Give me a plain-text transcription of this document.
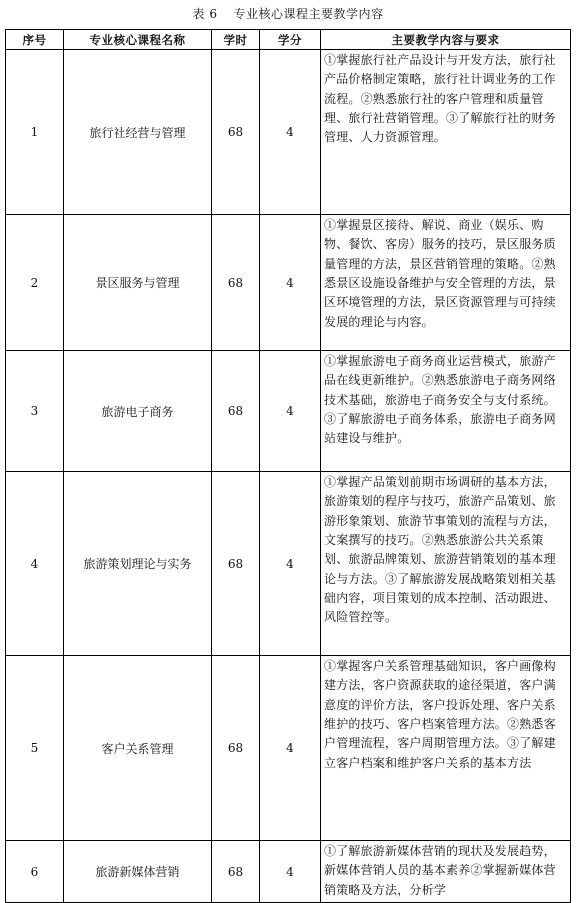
表 6 专业核心课程主要教学内容
序号	专业核心课程名称	学时	学分	主要教学内容与要求
1	旅行社经营与管理	68	4	①掌握旅行社产品设计与开发方法，旅行社产品价格制定策略，旅行社计调业务的工作流程。②熟悉旅行社的客户管理和质量管理、旅行社营销管理。③了解旅行社的财务管理、人力资源管理。
2	景区服务与管理	68	4	①掌握景区接待、解说、商业（娱乐、购物、餐饮、客房）服务的技巧，景区服务质量管理的方法，景区营销管理的策略。②熟悉景区设施设备维护与安全管理的方法，景区环境管理的方法，景区资源管理与可持续发展的理论与内容。
3	旅游电子商务	68	4	①掌握旅游电子商务商业运营模式，旅游产品在线更新维护。②熟悉旅游电子商务网络技术基础，旅游电子商务安全与支付系统。③了解旅游电子商务体系，旅游电子商务网站建设与维护。
4	旅游策划理论与实务	68	4	①掌握产品策划前期市场调研的基本方法，旅游策划的程序与技巧，旅游产品策划、旅游形象策划、旅游节事策划的流程与方法，文案撰写的技巧。②熟悉旅游公共关系策划、旅游品牌策划、旅游营销策划的基本理论与方法。③了解旅游发展战略策划相关基础内容，项目策划的成本控制、活动跟进、风险管控等。
5	客户关系管理	68	4	①掌握客户关系管理基础知识，客户画像构建方法，客户资源获取的途径渠道，客户满意度的评价方法，客户投诉处理、客户关系维护的技巧、客户档案管理方法。②熟悉客户管理流程，客户周期管理方法。③了解建立客户档案和维护客户关系的基本方法
6	旅游新媒体营销	68	4	①了解旅游新媒体营销的现状及发展趋势，新媒体营销人员的基本素养②掌握新媒体营销策略及方法，分析学
